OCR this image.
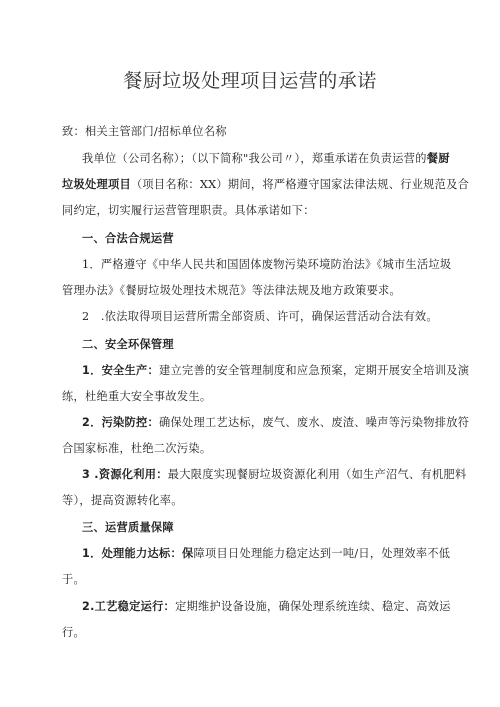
餐厨垃圾处理项目运营的承诺
致：相关主管部门/招标单位名称
我单位（公司名称）；（以下简称"我公司〃），郑重承诺在负责运营的餐厨
垃圾处理项目（项目名称：XX）期间，将严格遵守国家法律法规、行业规范及合
同约定，切实履行运营管理职责。具体承诺如下：
一、合法合规运营
1．严格遵守《中华人民共和国固体废物污染环境防治法》《城市生活垃圾
管理办法》《餐厨垃圾处理技术规范》等法律法规及地方政策要求。
2　.依法取得项目运营所需全部资质、许可，确保运营活动合法有效。
二、安全环保管理
1．安全生产：建立完善的安全管理制度和应急预案，定期开展安全培训及演
练，杜绝重大安全事故发生。
2．污染防控：确保处理工艺达标，废气、废水、废渣、噪声等污染物排放符
合国家标准，杜绝二次污染。
3 .资源化利用：最大限度实现餐厨垃圾资源化利用（如生产沼气、有机肥料
等），提高资源转化率。
三、运营质量保障
1．处理能力达标：保障项目日处理能力稳定达到一吨/日，处理效率不低
于。
2.工艺稳定运行：定期维护设备设施，确保处理系统连续、稳定、高效运
行。
